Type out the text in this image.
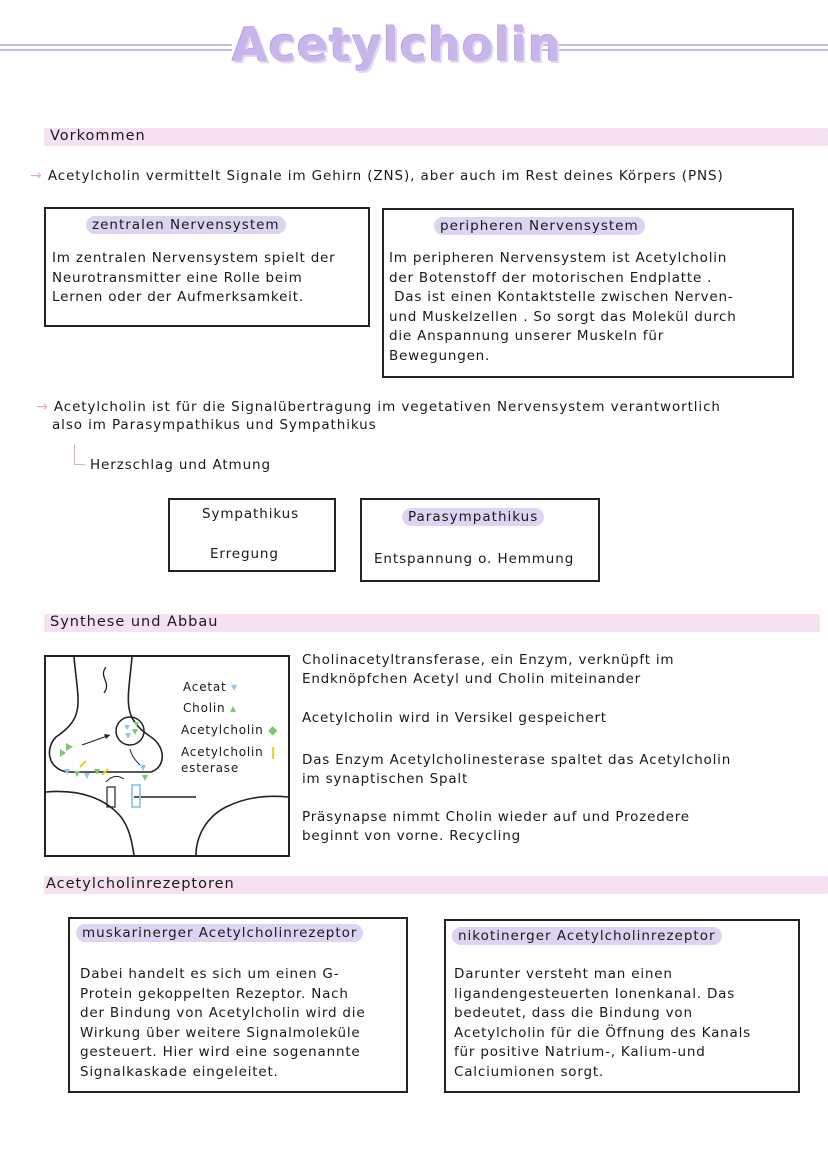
Acetylcholin
Vorkommen
→ Acetylcholin vermittelt Signale im Gehirn (ZNS), aber auch im Rest deines Körpers (PNS)
zentralen Nervensystem
Im zentralen Nervensystem spielt der
Neurotransmitter eine Rolle beim
Lernen oder der Aufmerksamkeit.
peripheren Nervensystem
Im peripheren Nervensystem ist Acetylcholin
der Botenstoff der motorischen Endplatte .
Das ist einen Kontaktstelle zwischen Nerven-
und Muskelzellen . So sorgt das Molekül durch
die Anspannung unserer Muskeln für
Bewegungen.
→ Acetylcholin ist für die Signalübertragung im vegetativen Nervensystem verantwortlich
also im Parasympathikus und Sympathikus
Herzschlag und Atmung
Sympathikus
Erregung
Parasympathikus
Entspannung o. Hemmung
Synthese und Abbau
Acetat ▾
Cholin ▴
Acetylcholin ◆
Acetylcholin ❙
esterase
Cholinacetyltransferase, ein Enzym, verknüpft im
Endknöpfchen Acetyl und Cholin miteinander
Acetylcholin wird in Versikel gespeichert
Das Enzym Acetylcholinesterase spaltet das Acetylcholin
im synaptischen Spalt
Präsynapse nimmt Cholin wieder auf und Prozedere
beginnt von vorne. Recycling
Acetylcholinrezeptoren
muskarinerger Acetylcholinrezeptor
Dabei handelt es sich um einen G-
Protein gekoppelten Rezeptor. Nach
der Bindung von Acetylcholin wird die
Wirkung über weitere Signalmoleküle
gesteuert. Hier wird eine sogenannte
Signalkaskade eingeleitet.
nikotinerger Acetylcholinrezeptor
Darunter versteht man einen
ligandengesteuerten Ionenkanal. Das
bedeutet, dass die Bindung von
Acetylcholin für die Öffnung des Kanals
für positive Natrium-, Kalium-und
Calciumionen sorgt.
